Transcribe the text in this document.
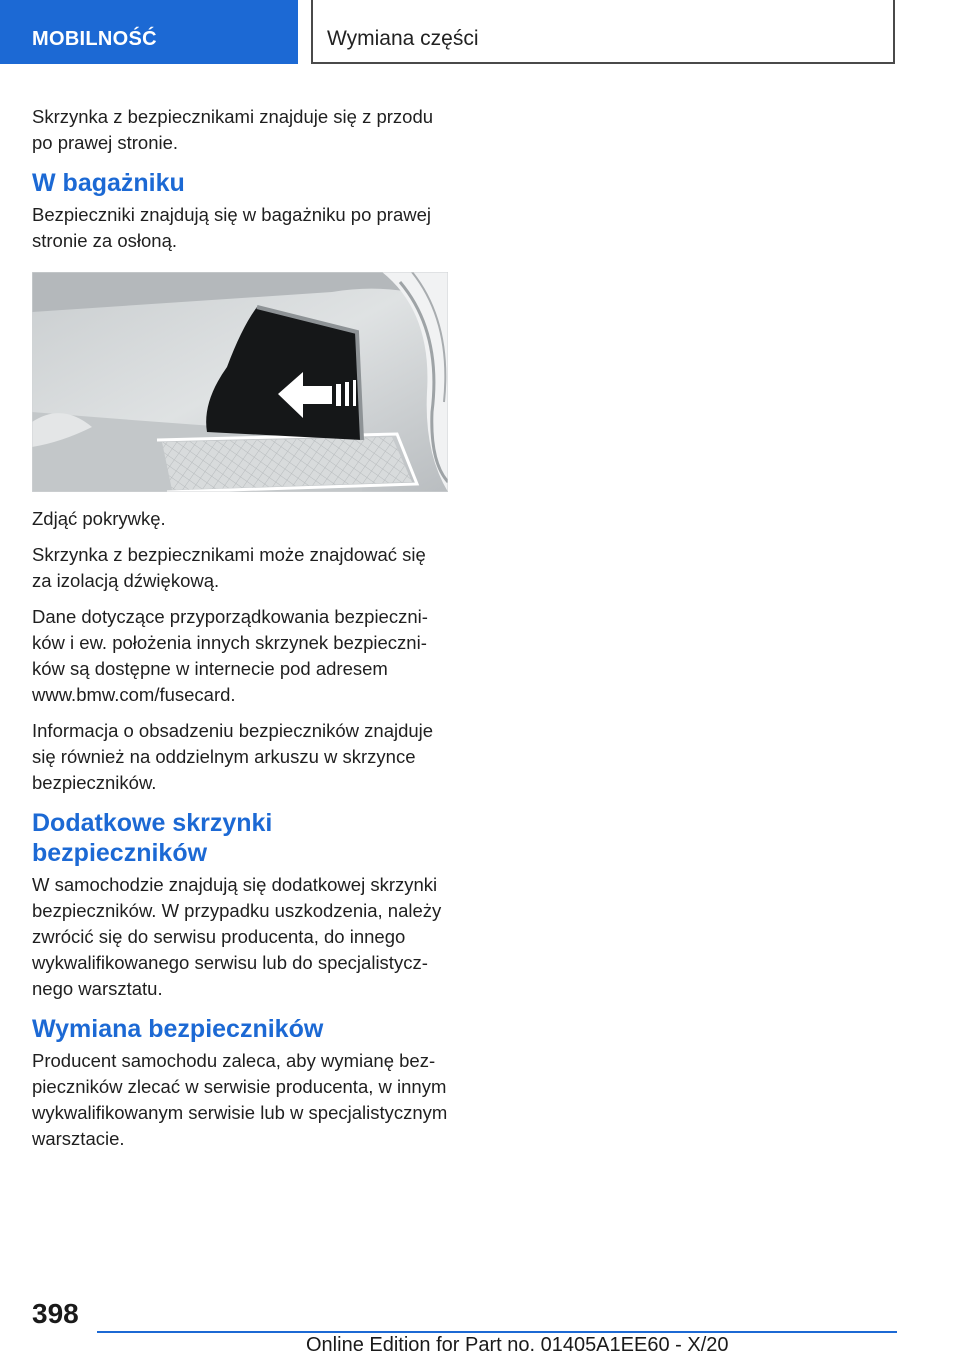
MOBILNOŚĆ	Wymiana części

Skrzynka z bezpiecznikami znajduje się z przodu po prawej stronie.

W bagażniku

Bezpieczniki znajdują się w bagażniku po prawej stronie za osłoną.

Zdjąć pokrywkę.

Skrzynka z bezpiecznikami może znajdować się za izolacją dźwiękową.

Dane dotyczące przyporządkowania bezpieczników i ew. położenia innych skrzynek bezpieczników są dostępne w internecie pod adresem www.bmw.com/fusecard.

Informacja o obsadzeniu bezpieczników znajduje się również na oddzielnym arkuszu w skrzynce bezpieczników.

Dodatkowe skrzynki bezpieczników

W samochodzie znajdują się dodatkowej skrzynki bezpieczników. W przypadku uszkodzenia, należy zwrócić się do serwisu producenta, do innego wykwalifikowanego serwisu lub do specjalistycznego warsztatu.

Wymiana bezpieczników

Producent samochodu zaleca, aby wymianę bezpieczników zlecać w serwisie producenta, w innym wykwalifikowanym serwisie lub w specjalistycznym warsztacie.

398
Online Edition for Part no. 01405A1EE60 - X/20
